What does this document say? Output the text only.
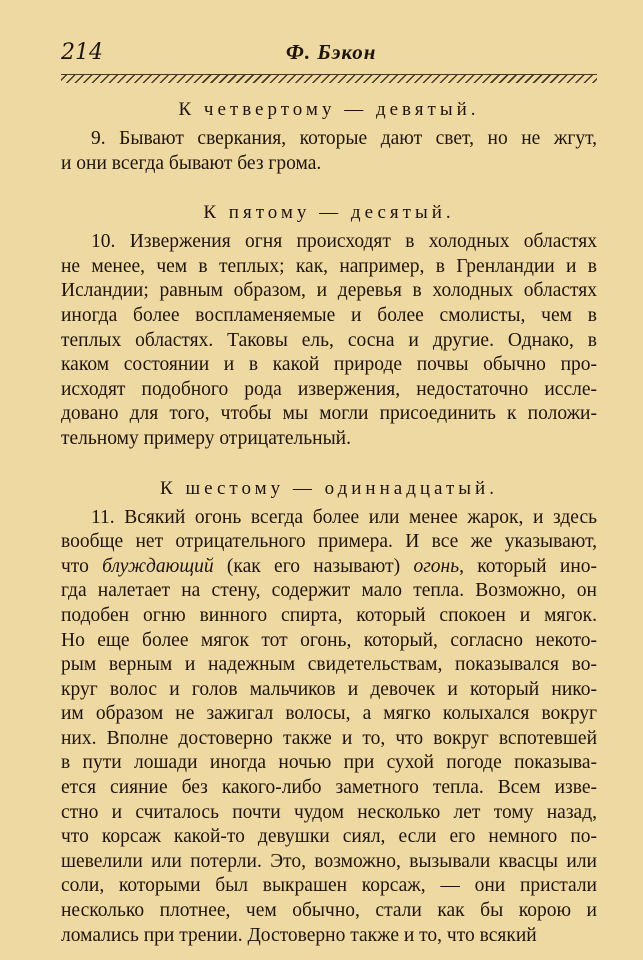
214	Ф. Бэкон
К четвертому — девятый.
9. Бывают сверкания, которые дают свет, но не жгут,
и они всегда бывают без грома.
К пятому — десятый.
10. Извержения огня происходят в холодных областях
не менее, чем в теплых; как, например, в Гренландии и в
Исландии; равным образом, и деревья в холодных областях
иногда более воспламеняемые и более смолисты, чем в
теплых областях. Таковы ель, сосна и другие. Однако, в
каком состоянии и в какой природе почвы обычно про-
исходят подобного рода извержения, недостаточно иссле-
довано для того, чтобы мы могли присоединить к положи-
тельному примеру отрицательный.
К шестому — одиннадцатый.
11. Всякий огонь всегда более или менее жарок, и здесь
вообще нет отрицательного примера. И все же указывают,
что блуждающий (как его называют) огонь, который ино-
гда налетает на стену, содержит мало тепла. Возможно, он
подобен огню винного спирта, который спокоен и мягок.
Но еще более мягок тот огонь, который, согласно некото-
рым верным и надежным свидетельствам, показывался во-
круг волос и голов мальчиков и девочек и который нико-
им образом не зажигал волосы, а мягко колыхался вокруг
них. Вполне достоверно также и то, что вокруг вспотевшей
в пути лошади иногда ночью при сухой погоде показыва-
ется сияние без какого-либо заметного тепла. Всем изве-
стно и считалось почти чудом несколько лет тому назад,
что корсаж какой-то девушки сиял, если его немного по-
шевелили или потерли. Это, возможно, вызывали квасцы или
соли, которыми был выкрашен корсаж, — они пристали
несколько плотнее, чем обычно, стали как бы корою и
ломались при трении. Достоверно также и то, что всякий
